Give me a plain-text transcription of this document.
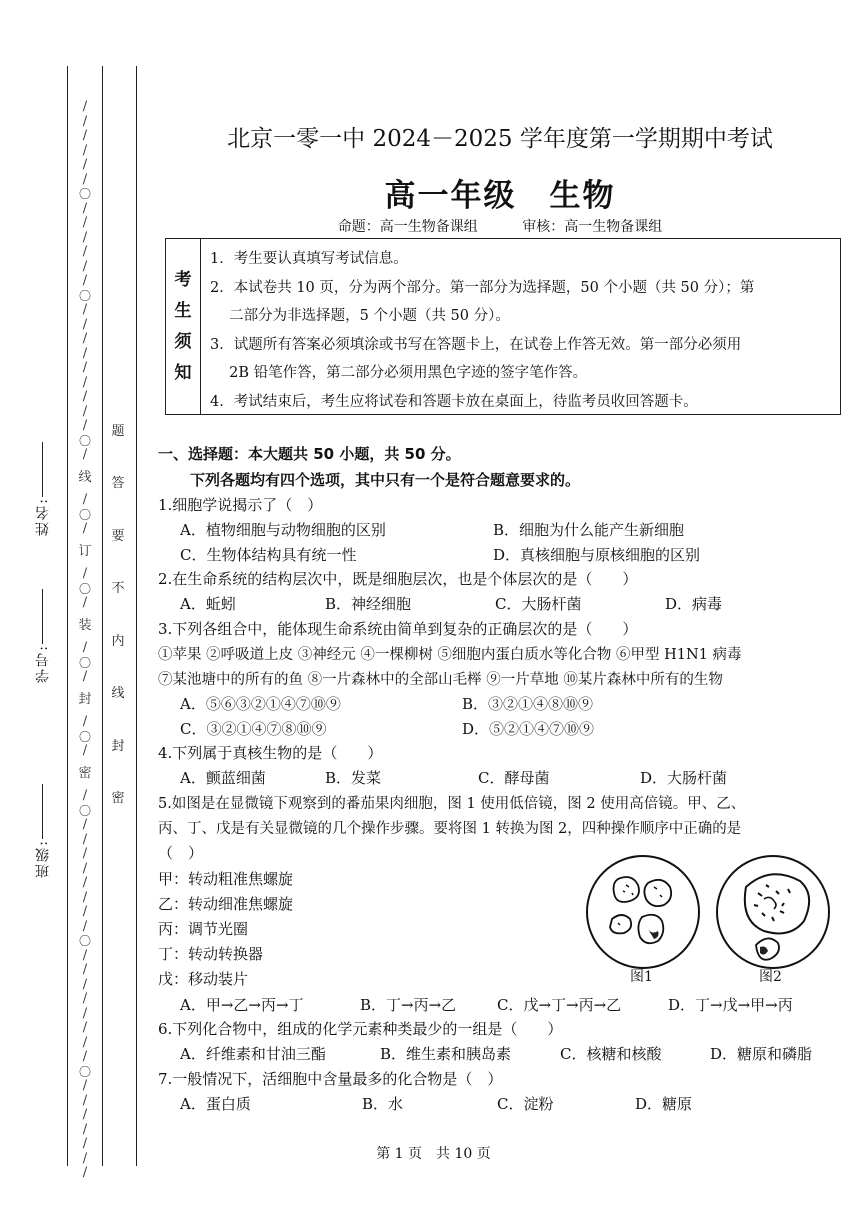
姓名:
学号:
班级:
/
/
/
/
/
/
〇
/
/
/
/
/
/
〇
/
/
/
/
/
/
/
/
/
〇
/
线
/
〇
/
订
/
〇
/
装
/
〇
/
封
/
〇
/
密
/
〇
/
/
/
/
/
/
/
/
〇
/
/
/
/
/
/
/
/
〇
/
/
/
/
/
/
/
题
答
要
不
内
线
封
密
北京一零一中 2024－2025 学年度第一学期期中考试
高一年级　生物
命题：高一生物备课组	审核：高一生物备课组
考
生
须
知
1．考生要认真填写考试信息。
2．本试卷共 10 页，分为两个部分。第一部分为选择题，50 个小题（共 50 分）；第
　 二部分为非选择题，5 个小题（共 50 分）。
3．试题所有答案必须填涂或书写在答题卡上，在试卷上作答无效。第一部分必须用
　 2B 铅笔作答，第二部分必须用黑色字迹的签字笔作答。
4．考试结束后，考生应将试卷和答题卡放在桌面上，待监考员收回答题卡。
一、选择题：本大题共 50 小题，共 50 分。
下列各题均有四个选项，其中只有一个是符合题意要求的。
1.细胞学说揭示了（　）
A．植物细胞与动物细胞的区别	B．细胞为什么能产生新细胞
C．生物体结构具有统一性	D．真核细胞与原核细胞的区别
2.在生命系统的结构层次中，既是细胞层次，也是个体层次的是（　　）
A．蚯蚓	B．神经细胞	C．大肠杆菌	D．病毒
3.下列各组合中，能体现生命系统由简单到复杂的正确层次的是（　　）
①苹果 ②呼吸道上皮 ③神经元 ④一棵柳树 ⑤细胞内蛋白质水等化合物 ⑥甲型 H1N1 病毒
⑦某池塘中的所有的鱼 ⑧一片森林中的全部山毛榉 ⑨一片草地 ⑩某片森林中所有的生物
A．⑤⑥③②①④⑦⑩⑨	B．③②①④⑧⑩⑨
C．③②①④⑦⑧⑩⑨	D．⑤②①④⑦⑩⑨
4.下列属于真核生物的是（　　）
A．颤蓝细菌	B．发菜	C．酵母菌	D．大肠杆菌
5.如图是在显微镜下观察到的番茄果肉细胞，图 1 使用低倍镜，图 2 使用高倍镜。甲、乙、
丙、丁、戊是有关显微镜的几个操作步骤。要将图 1 转换为图 2，四种操作顺序中正确的是
（　）
甲：转动粗准焦螺旋
乙：转动细准焦螺旋
丙：调节光圈
丁：转动转换器
戊：移动装片	图1	图2
A．甲→乙→丙→丁	B．丁→丙→乙	C．戊→丁→丙→乙	D．丁→戊→甲→丙
6.下列化合物中，组成的化学元素种类最少的一组是（　　）
A．纤维素和甘油三酯	B．维生素和胰岛素	C．核糖和核酸	D．糖原和磷脂
7.一般情况下，活细胞中含量最多的化合物是（　）
A．蛋白质	B．水	C．淀粉	D．糖原
第 1 页　共 10 页
